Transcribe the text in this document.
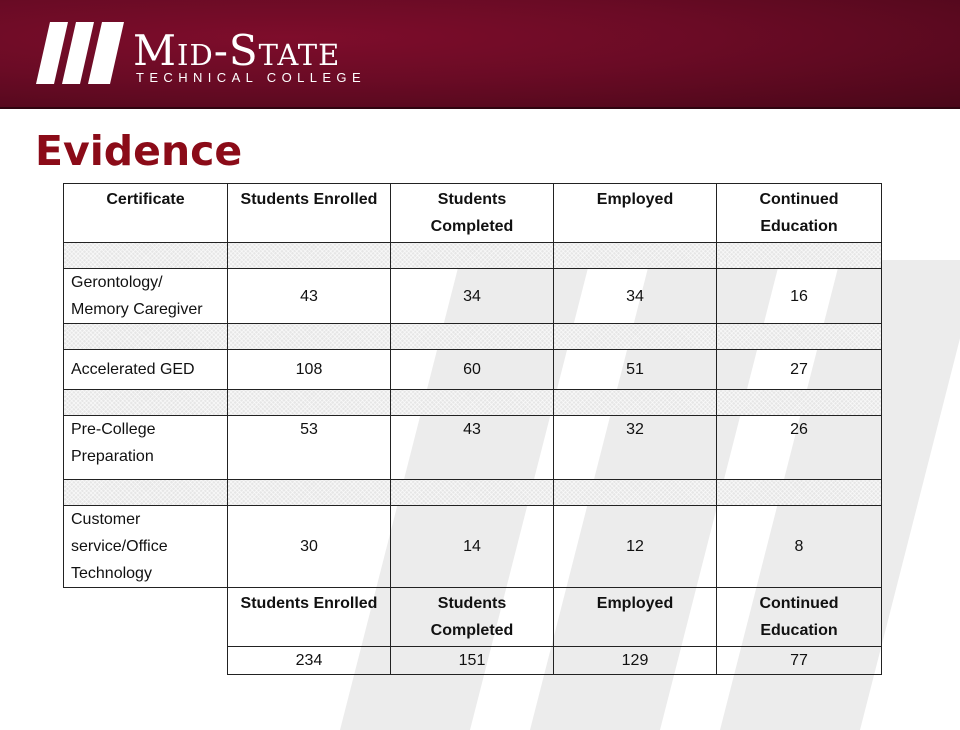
Mid-State
TECHNICAL COLLEGE
Evidence
Certificate	Students Enrolled	Students Completed	Employed	Continued Education

Gerontology/ Memory Caregiver	43	34	34	16

Accelerated GED	108	60	51	27

Pre-College Preparation	53	43	32	26

Customer service/Office Technology	30	14	12	8
	Students Enrolled	Students Completed	Employed	Continued Education
	234	151	129	77
